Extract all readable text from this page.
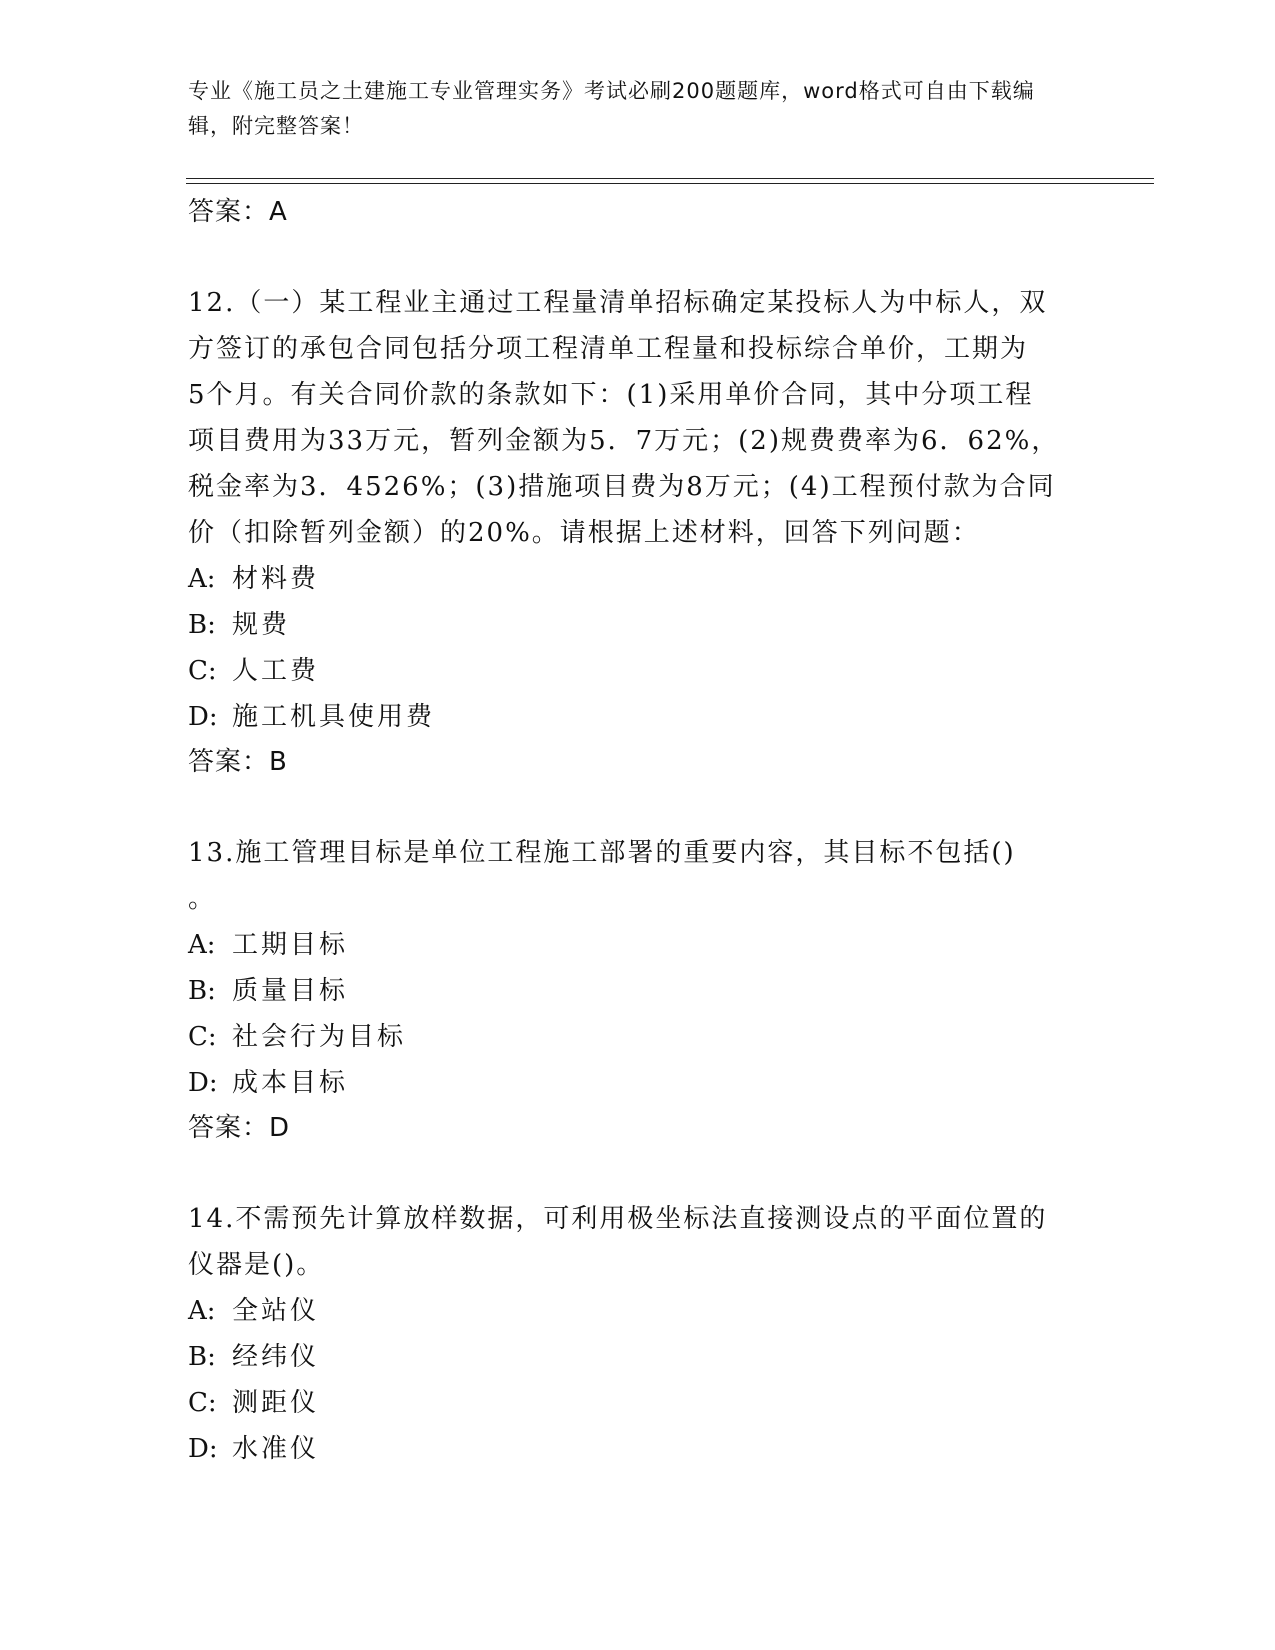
专业《施工员之土建施工专业管理实务》考试必刷200题题库，word格式可自由下载编辑，附完整答案！
答案：A
12.（一）某工程业主通过工程量清单招标确定某投标人为中标人，双
方签订的承包合同包括分项工程清单工程量和投标综合单价，工期为
5个月。有关合同价款的条款如下：(1)采用单价合同，其中分项工程
项目费用为33万元，暂列金额为5．7万元；(2)规费费率为6．62%，
税金率为3．4526%；(3)措施项目费为8万元；(4)工程预付款为合同
价（扣除暂列金额）的20%。请根据上述材料，回答下列问题：
A: 材料费
B: 规费
C: 人工费
D: 施工机具使用费
答案：B
13.施工管理目标是单位工程施工部署的重要内容，其目标不包括()
。
A: 工期目标
B: 质量目标
C: 社会行为目标
D: 成本目标
答案：D
14.不需预先计算放样数据，可利用极坐标法直接测设点的平面位置的
仪器是()。
A: 全站仪
B: 经纬仪
C: 测距仪
D: 水准仪
